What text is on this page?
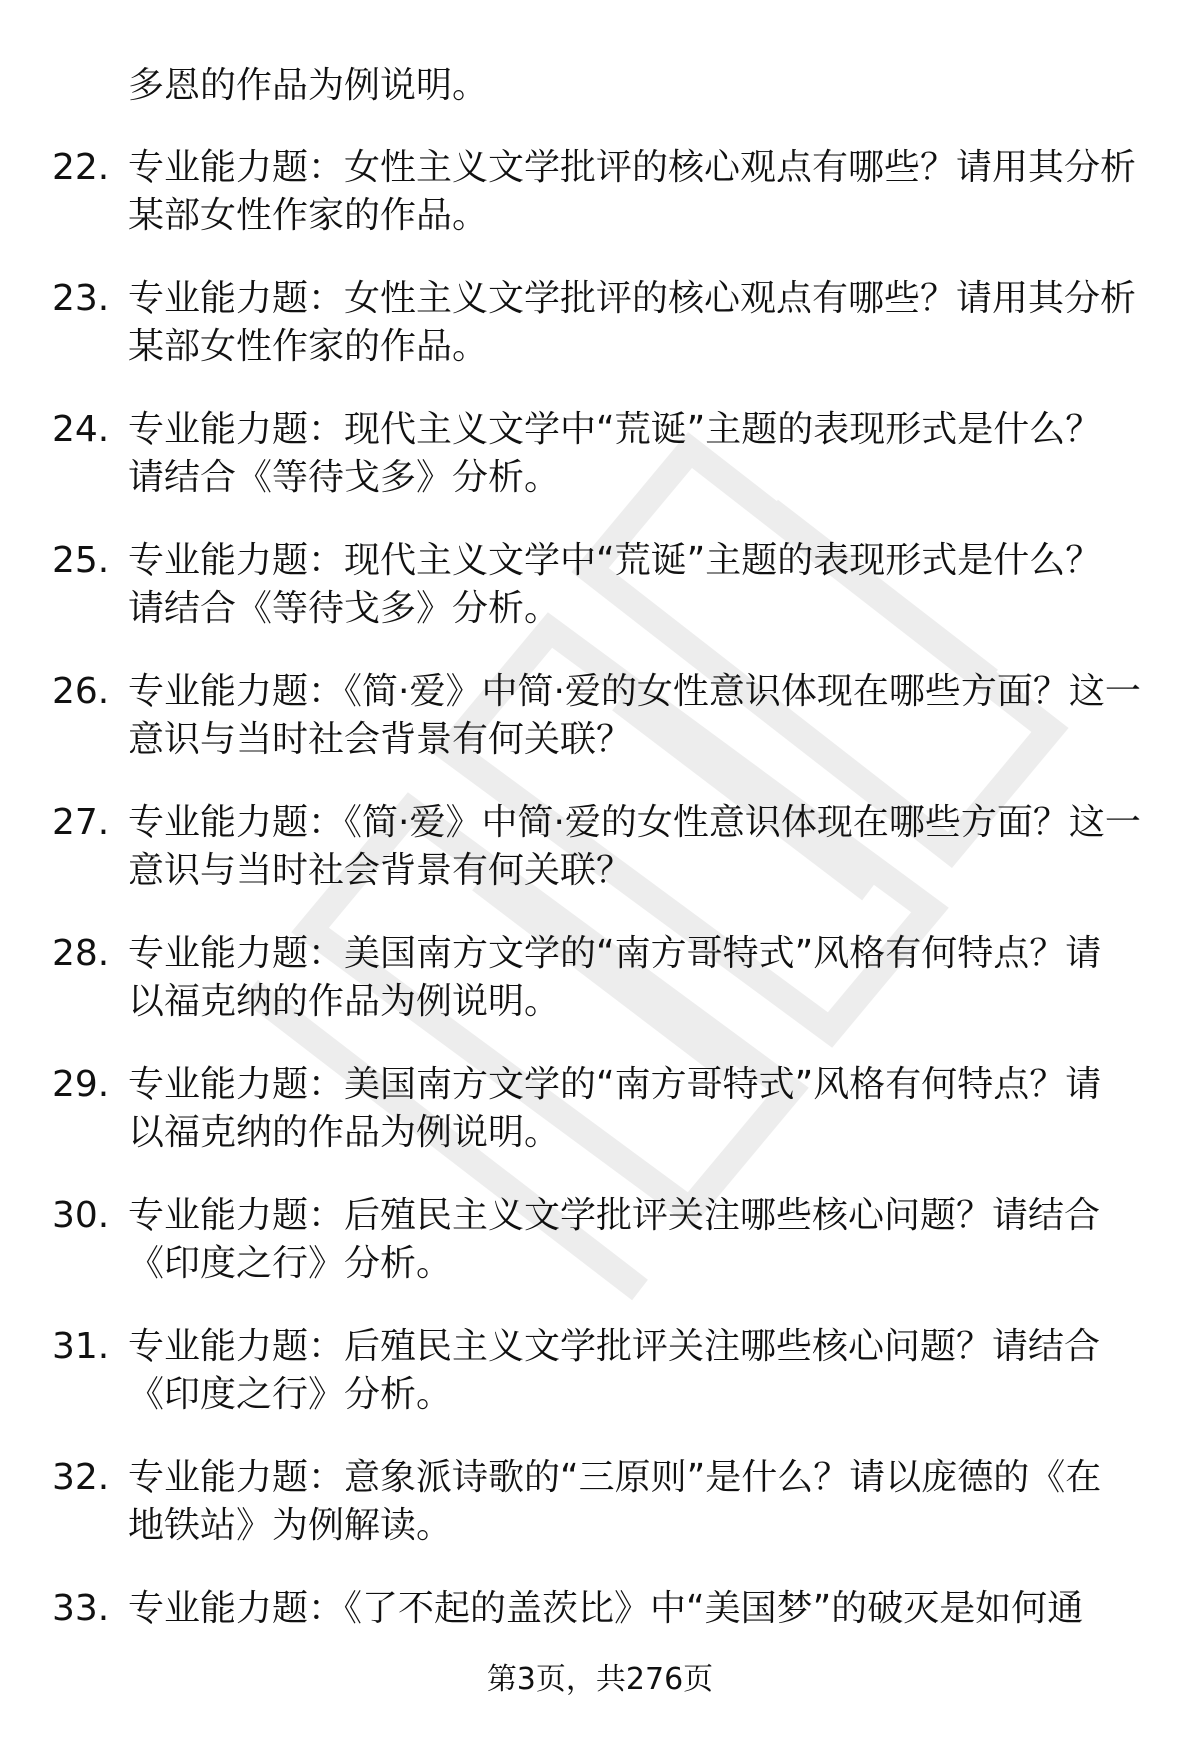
多恩的作品为例说明。
22. 专业能力题：女性主义文学批评的核心观点有哪些？请用其分析
某部女性作家的作品。
23. 专业能力题：女性主义文学批评的核心观点有哪些？请用其分析
某部女性作家的作品。
24. 专业能力题：现代主义文学中“荒诞”主题的表现形式是什么？
请结合《等待戈多》分析。
25. 专业能力题：现代主义文学中“荒诞”主题的表现形式是什么？
请结合《等待戈多》分析。
26. 专业能力题：《简·爱》中简·爱的女性意识体现在哪些方面？这一
意识与当时社会背景有何关联？
27. 专业能力题：《简·爱》中简·爱的女性意识体现在哪些方面？这一
意识与当时社会背景有何关联？
28. 专业能力题：美国南方文学的“南方哥特式”风格有何特点？请
以福克纳的作品为例说明。
29. 专业能力题：美国南方文学的“南方哥特式”风格有何特点？请
以福克纳的作品为例说明。
30. 专业能力题：后殖民主义文学批评关注哪些核心问题？请结合
《印度之行》分析。
31. 专业能力题：后殖民主义文学批评关注哪些核心问题？请结合
《印度之行》分析。
32. 专业能力题：意象派诗歌的“三原则”是什么？请以庞德的《在
地铁站》为例解读。
33. 专业能力题：《了不起的盖茨比》中“美国梦”的破灭是如何通
第3页，共276页
